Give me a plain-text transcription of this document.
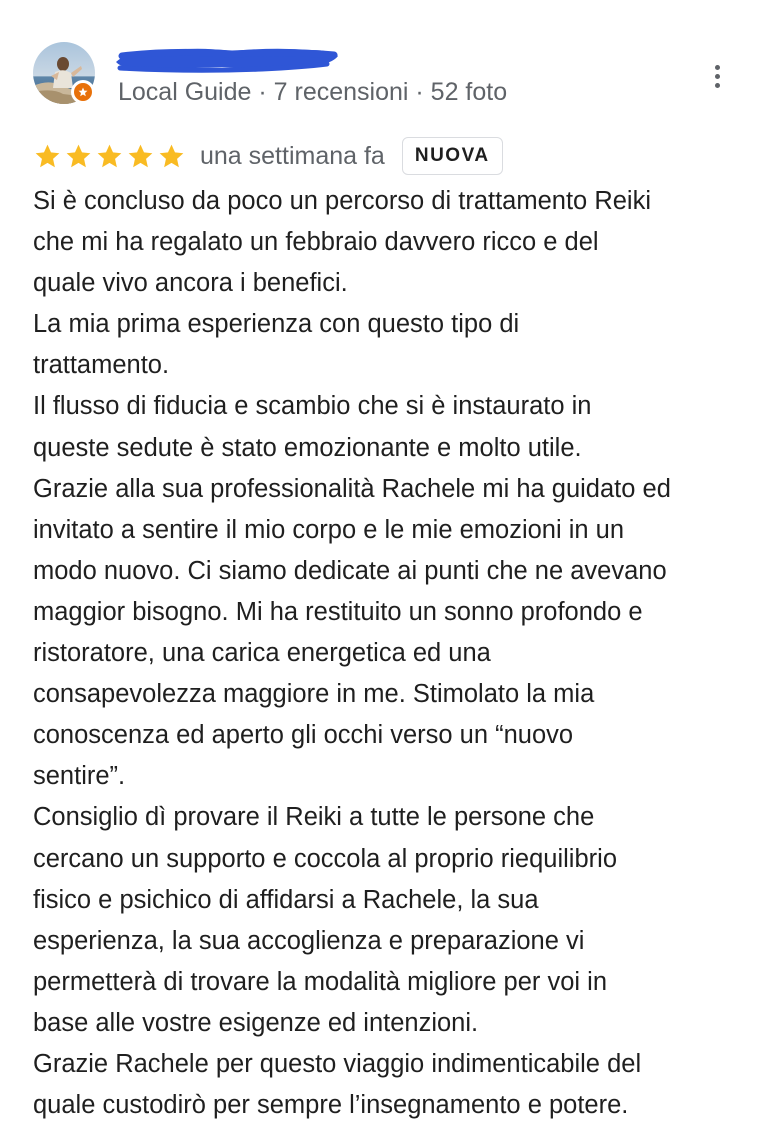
Local Guide · 7 recensioni · 52 foto
una settimana fa	NUOVA
Si è concluso da poco un percorso di trattamento Reiki
che mi ha regalato un febbraio davvero ricco e del
quale vivo ancora i benefici.
La mia prima esperienza con questo tipo di
trattamento.
Il flusso di fiducia e scambio che si è instaurato in
queste sedute è stato emozionante e molto utile.
Grazie alla sua professionalità Rachele mi ha guidato ed
invitato a sentire il mio corpo e le mie emozioni in un
modo nuovo. Ci siamo dedicate ai punti che ne avevano
maggior bisogno. Mi ha restituito un sonno profondo e
ristoratore, una carica energetica ed una
consapevolezza maggiore in me. Stimolato la mia
conoscenza ed aperto gli occhi verso un “nuovo
sentire”.
Consiglio dì provare il Reiki a tutte le persone che
cercano un supporto e coccola al proprio riequilibrio
fisico e psichico di affidarsi a Rachele, la sua
esperienza, la sua accoglienza e preparazione vi
permetterà di trovare la modalità migliore per voi in
base alle vostre esigenze ed intenzioni.
Grazie Rachele per questo viaggio indimenticabile del
quale custodirò per sempre l’insegnamento e potere.
